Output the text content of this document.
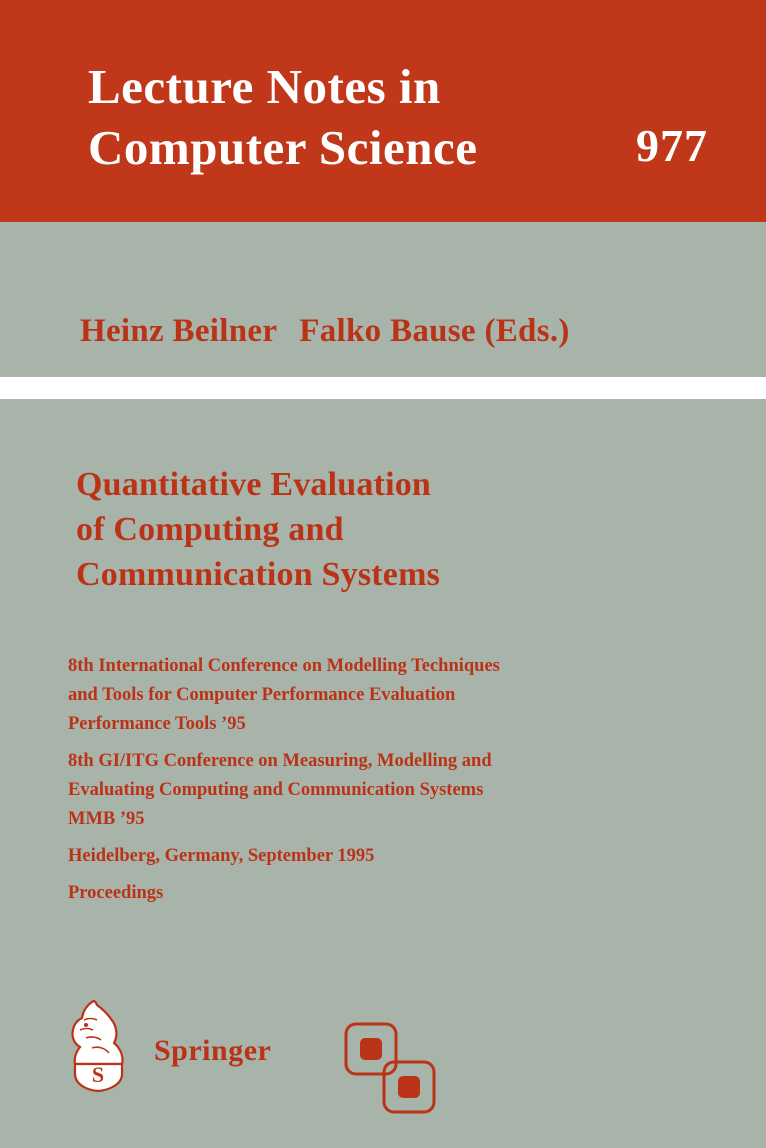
Lecture Notes in
Computer Science	977
Heinz Beilner Falko Bause (Eds.)
Quantitative Evaluation
of Computing and
Communication Systems
8th International Conference on Modelling Techniques
and Tools for Computer Performance Evaluation
Performance Tools ’95
8th GI/ITG Conference on Measuring, Modelling and
Evaluating Computing and Communication Systems
MMB ’95
Heidelberg, Germany, September 1995
Proceedings
S
Springer
